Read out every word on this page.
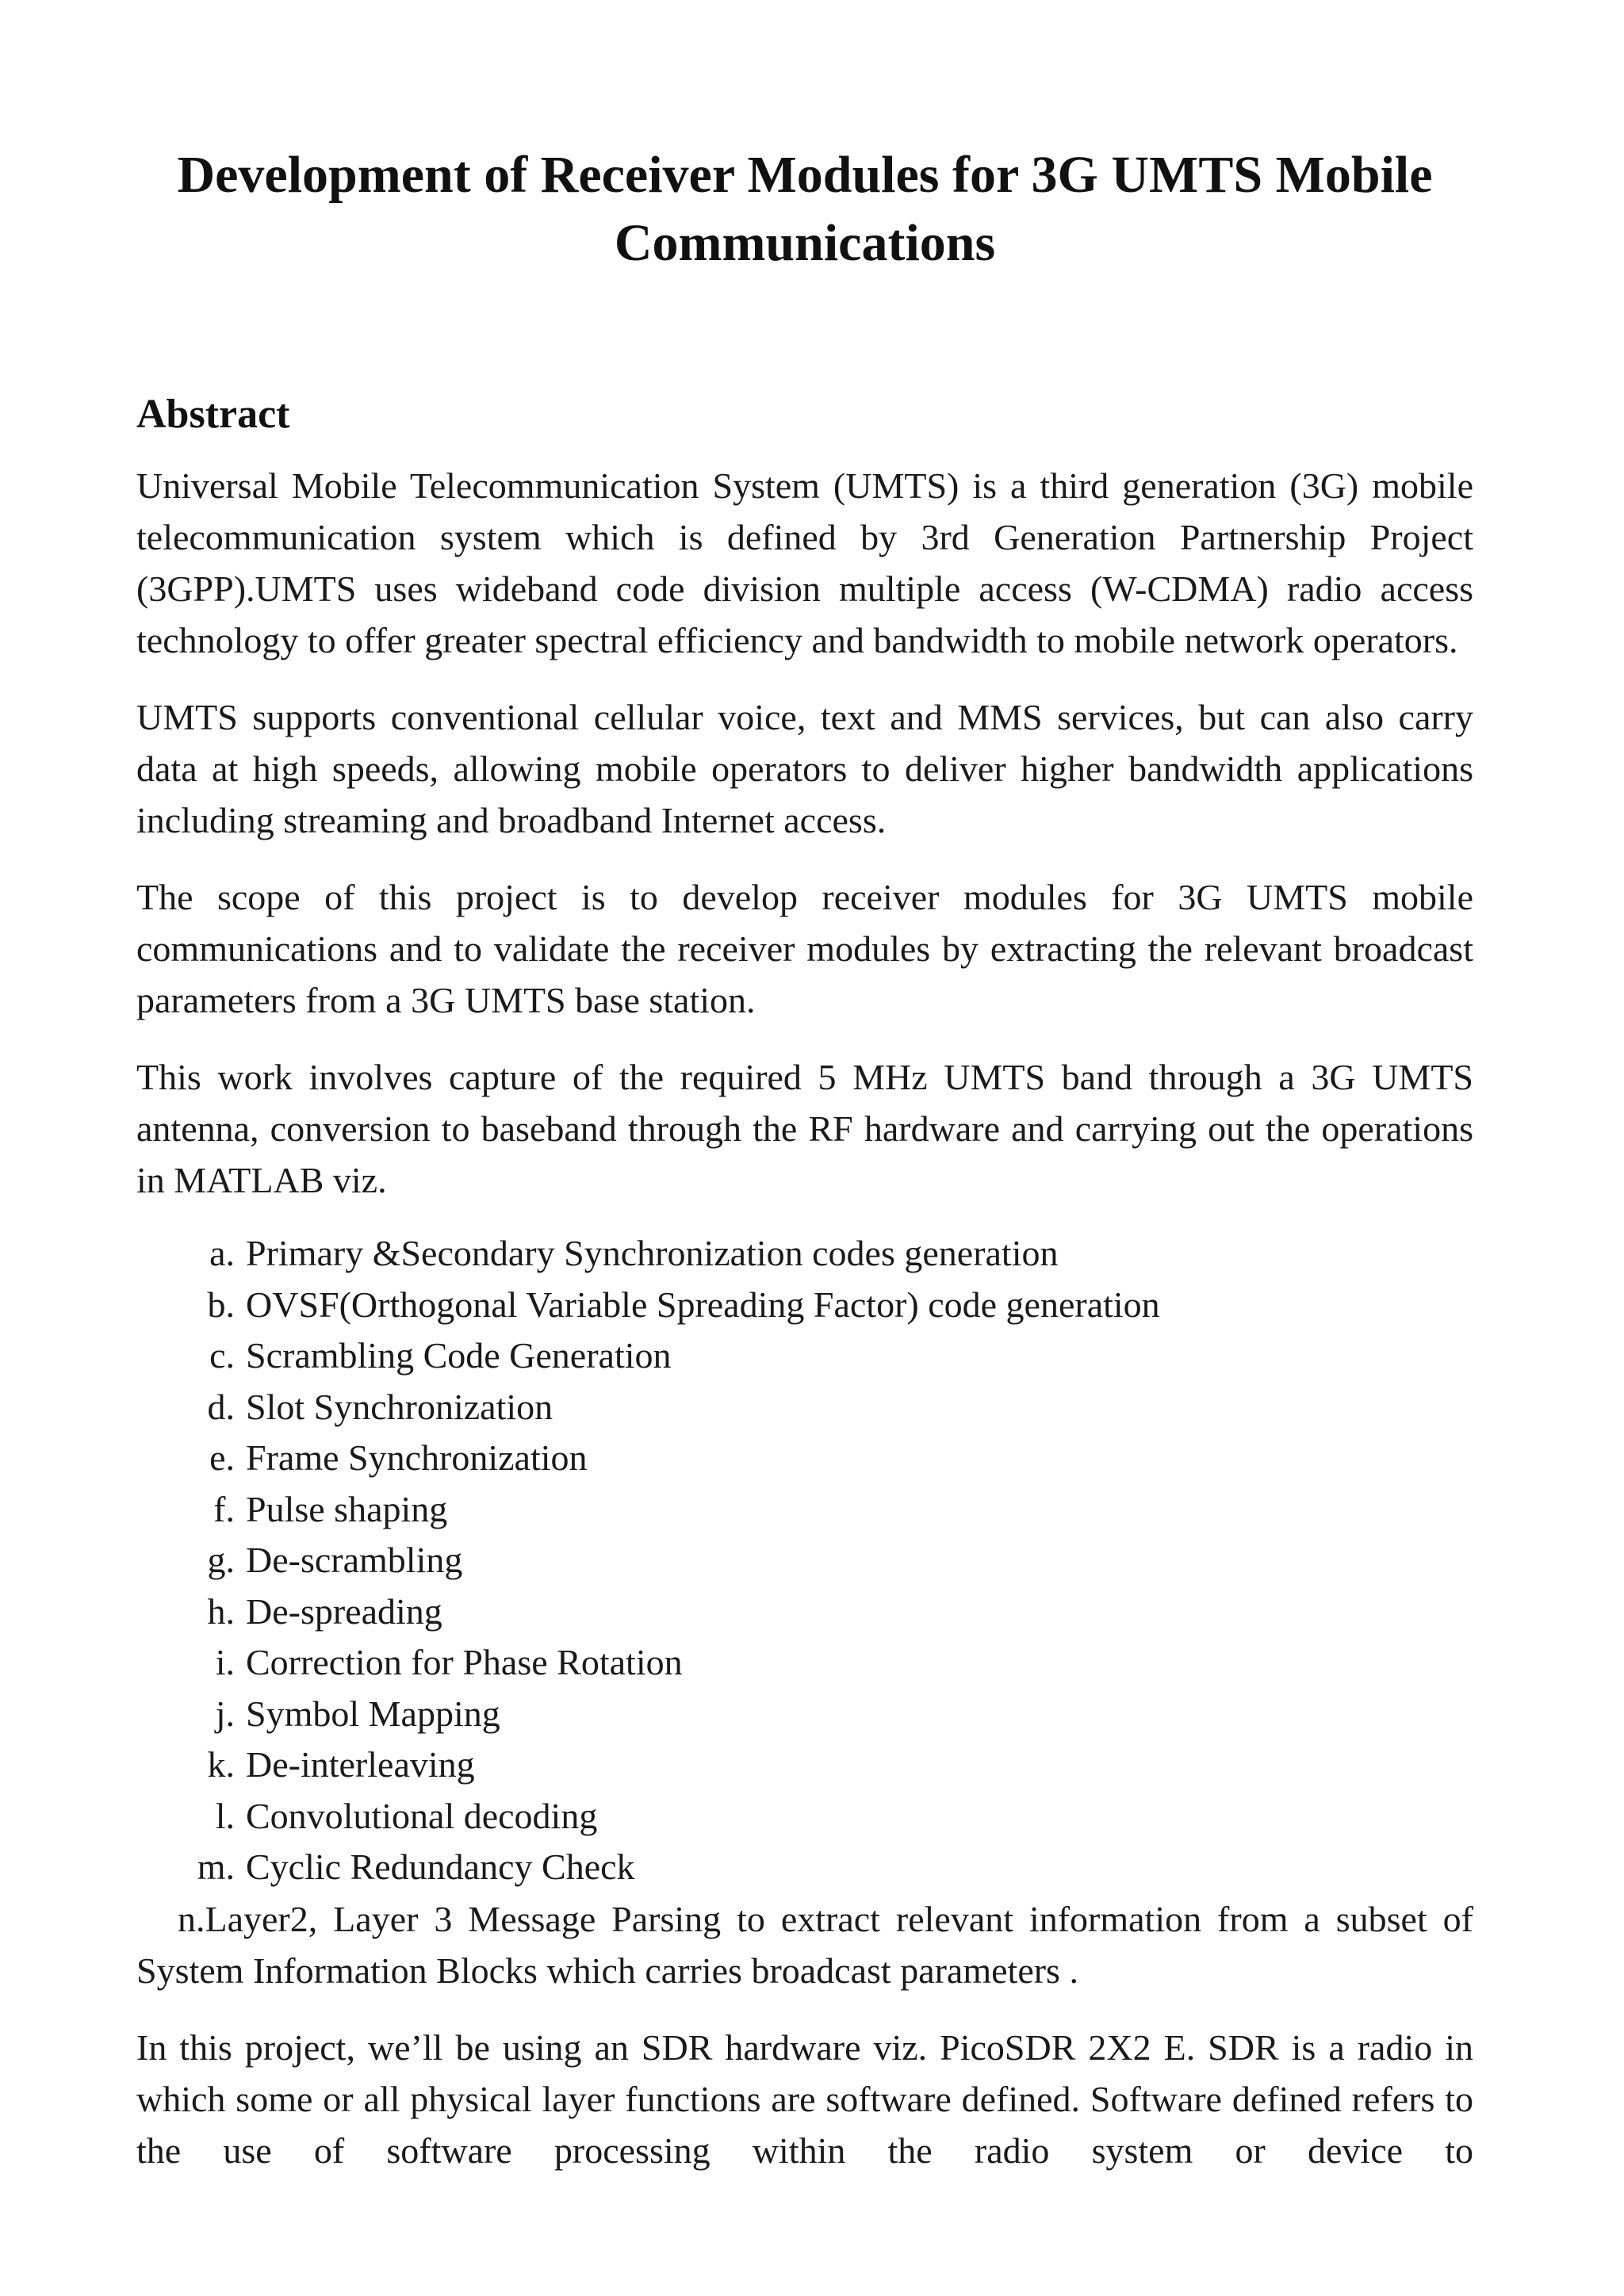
Development of Receiver Modules for 3G UMTS Mobile Communications
Abstract

Universal Mobile Telecommunication System (UMTS) is a third generation (3G) mobile telecommunication system which is defined by 3rd Generation Partnership Project (3GPP).UMTS uses wideband code division multiple access (W-CDMA) radio access technology to offer greater spectral efficiency and bandwidth to mobile network operators.

UMTS supports conventional cellular voice, text and MMS services, but can also carry data at high speeds, allowing mobile operators to deliver higher bandwidth applications including streaming and broadband Internet access.

The scope of this project is to develop receiver modules for 3G UMTS mobile communications and to validate the receiver modules by extracting the relevant broadcast parameters from a 3G UMTS base station.

This work involves capture of the required 5 MHz UMTS band through a 3G UMTS antenna, conversion to baseband through the RF hardware and carrying out the operations in MATLAB viz.

a. Primary &Secondary Synchronization codes generation
b. OVSF(Orthogonal Variable Spreading Factor) code generation
c. Scrambling Code Generation
d. Slot Synchronization
e. Frame Synchronization
f. Pulse shaping
g. De-scrambling
h. De-spreading
i. Correction for Phase Rotation
j. Symbol Mapping
k. De-interleaving
l. Convolutional decoding
m. Cyclic Redundancy Check

n.Layer2, Layer 3 Message Parsing to extract relevant information from a subset of System Information Blocks which carries broadcast parameters .

In this project, we’ll be using an SDR hardware viz. PicoSDR 2X2 E. SDR is a radio in which some or all physical layer functions are software defined. Software defined refers to the use of software processing within the radio system or device to
